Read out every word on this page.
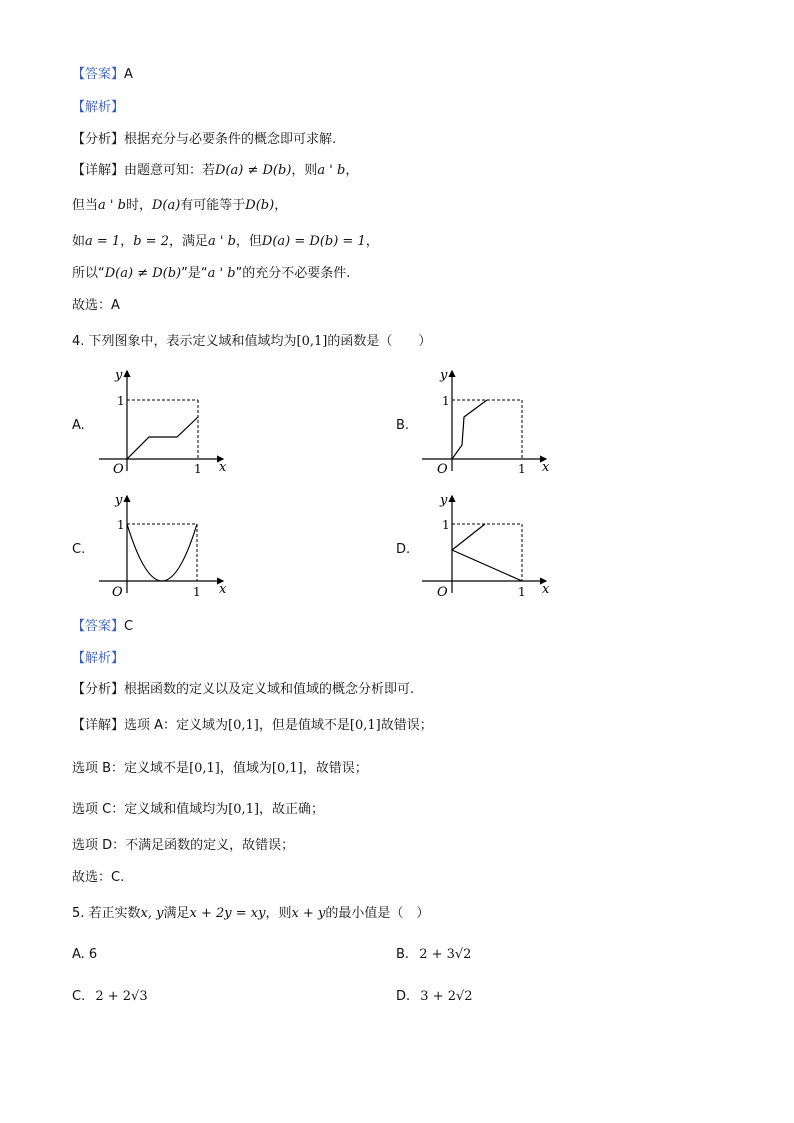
【答案】A
【解析】
【分析】根据充分与必要条件的概念即可求解.
【详解】由题意可知：若D(a) ≠ D(b)，则a ' b，
但当a ' b时，D(a)有可能等于D(b)，
如a = 1，b = 2，满足a ' b，但D(a) = D(b) = 1，
所以“D(a) ≠ D(b)”是“a ' b”的充分不必要条件.
故选：A
4. 下列图象中，表示定义域和值域均为[0,1]的函数是（　　）
A.	B.
C.	D.
y
x
O	1
1
y
x
O	1
1
y
x
O	1
1
y
x
O	1
1
【答案】C
【解析】
【分析】根据函数的定义以及定义域和值域的概念分析即可.
【详解】选项 A：定义域为[0,1]，但是值域不是[0,1]故错误；
选项 B：定义域不是[0,1]，值域为[0,1]，故错误；
选项 C：定义域和值域均为[0,1]，故正确；
选项 D：不满足函数的定义，故错误；
故选：C.
5. 若正实数x, y满足x + 2y = xy，则x + y的最小值是（　）
A. 6	B. 2 + 3√2
C. 2 + 2√3	D. 3 + 2√2
